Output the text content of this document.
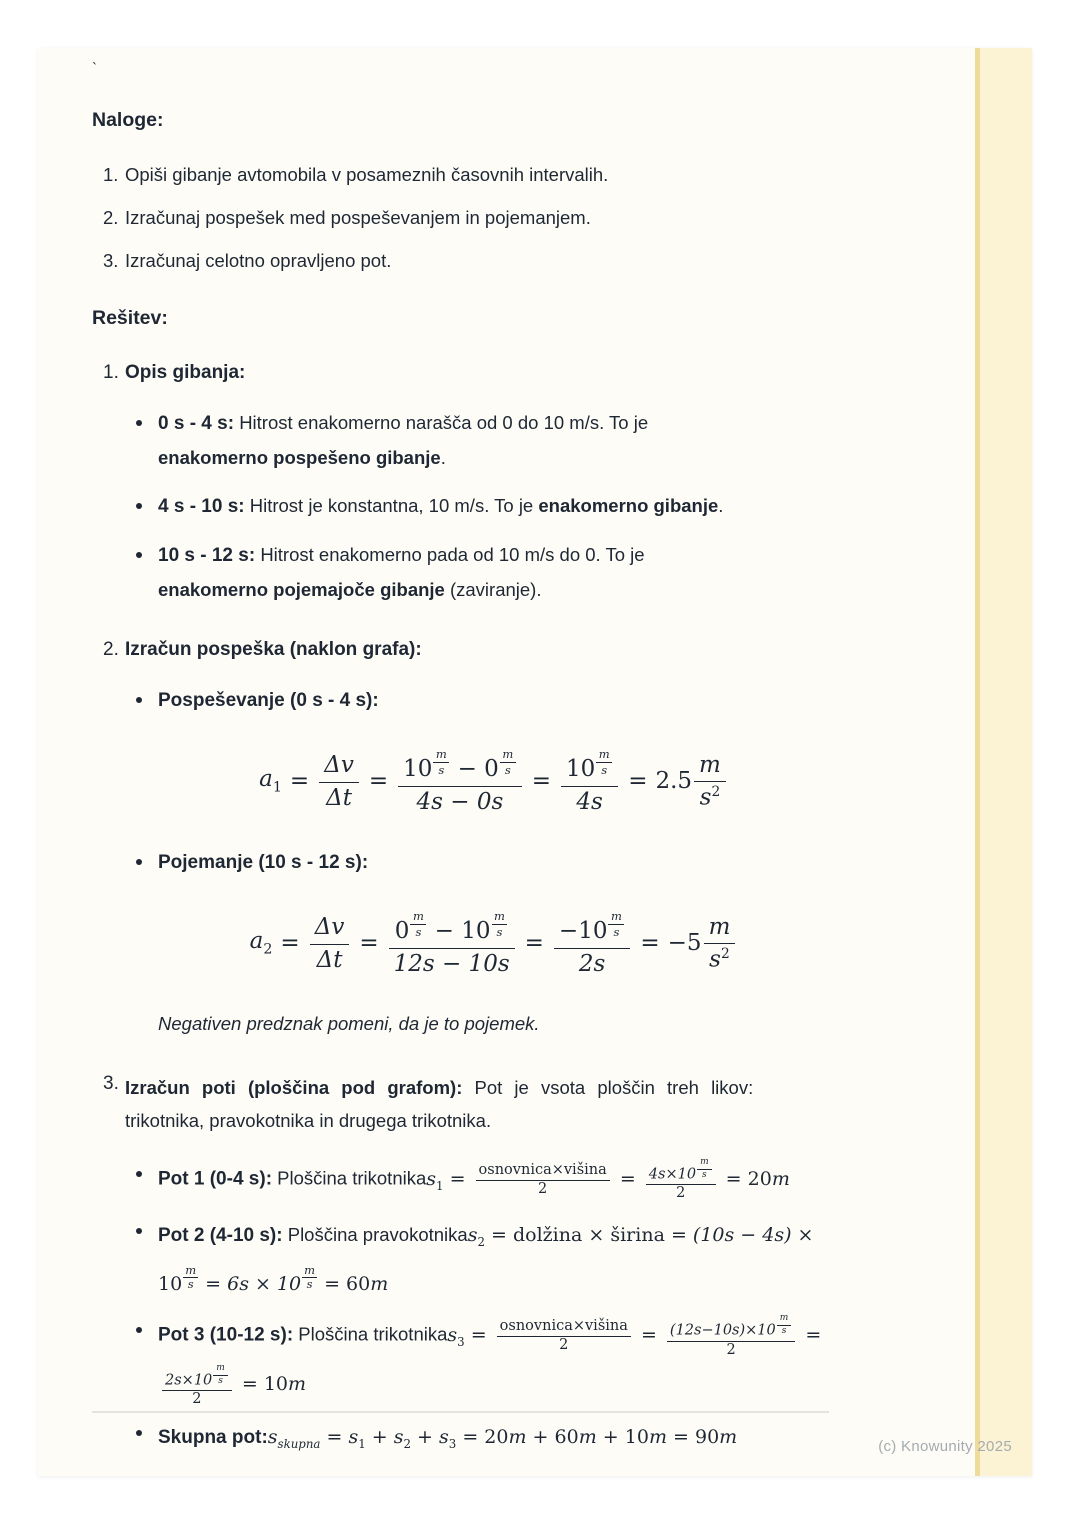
`
Naloge:
1. Opiši gibanje avtomobila v posameznih časovnih intervalih.
2. Izračunaj pospešek med pospeševanjem in pojemanjem.
3. Izračunaj celotno opravljeno pot.
Rešitev:
1. Opis gibanja:
0 s - 4 s: Hitrost enakomerno narašča od 0 do 10 m/s. To je
enakomerno pospešeno gibanje.
4 s - 10 s: Hitrost je konstantna, 10 m/s. To je enakomerno gibanje.
10 s - 12 s: Hitrost enakomerno pada od 10 m/s do 0. To je
enakomerno pojemajoče gibanje (zaviranje).
2. Izračun pospeška (naklon grafa):
Pospeševanje (0 s - 4 s):
$a_1 = \frac{\Delta v}{\Delta t} = \frac{10 \frac{m}{s} - 0 \frac{m}{s}}{4s - 0s} = \frac{10 \frac{m}{s}}{4s} = 2.5 \frac{m}{s^2}$
Pojemanje (10 s - 12 s):
$a_2 = \frac{\Delta v}{\Delta t} = \frac{0 \frac{m}{s} - 10 \frac{m}{s}}{12s - 10s} = \frac{-10 \frac{m}{s}}{2s} = -5 \frac{m}{s^2}$
Negativen predznak pomeni, da je to pojemek.
3. Izračun poti (ploščina pod grafom): Pot je vsota ploščin treh likov:
trikotnika, pravokotnika in drugega trikotnika.
Pot 1 (0-4 s): Ploščina trikotnikas$_1$ = osnovnica×višina
2	= $\frac{4s\times 10 \frac{m}{s}}{2} = 20m$
Pot 2 (4-10 s): Ploščina pravokotnikas$_2$ = dolžina × širina = (10s − 4s) ×
$10 \frac{m}{s} = 6s \times 10 \frac{m}{s} = 60m$
Pot 3 (10-12 s): Ploščina trikotnikas$_3$ = osnovnica×višina
2	= $\frac{(12s-10s)\times 10 \frac{m}{s}}{2}$ =

$\frac{2s\times 10 \frac{m}{s}}{2} = 10m$
Skupna $pot:s_{skupna} = s_1 + s_2 + s_3 = 20m + 60m + 10m = 90m$	(c) Knowunity 2025
